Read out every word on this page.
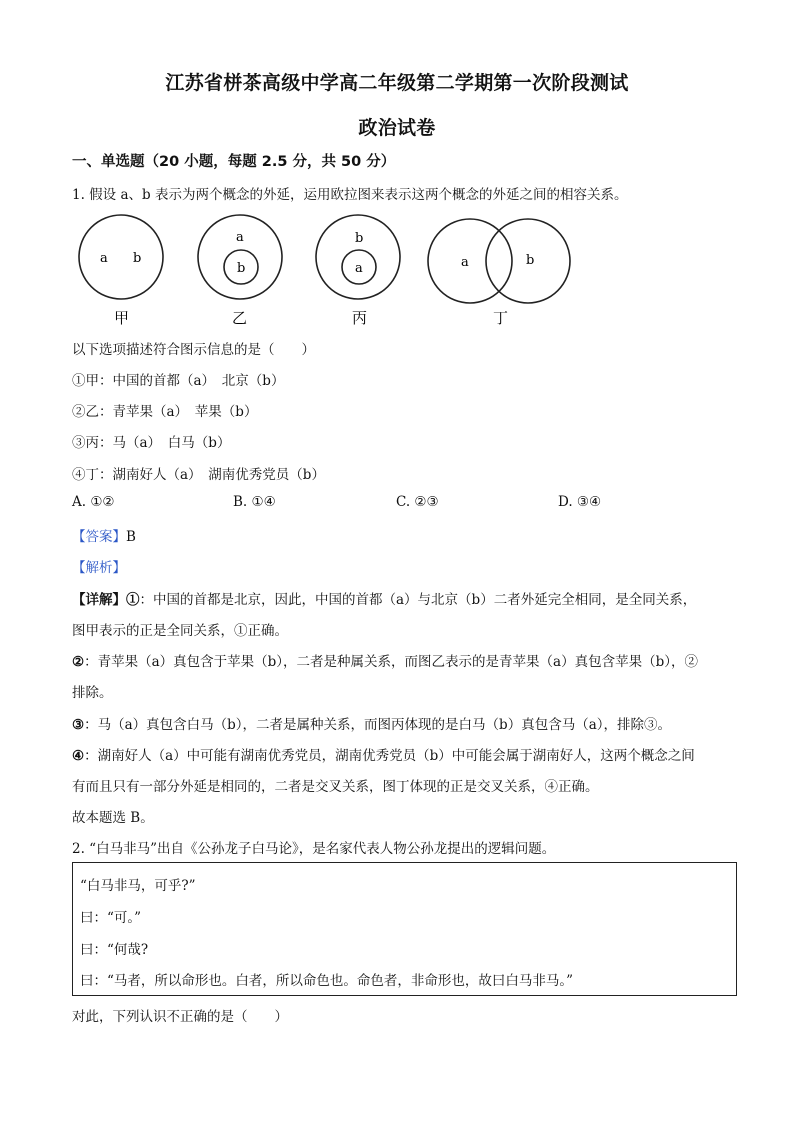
江苏省栟茶高级中学高二年级第二学期第一次阶段测试
政治试卷
一、单选题（20 小题，每题 2.5 分，共 50 分）
1. 假设 a、b 表示为两个概念的外延，运用欧拉图来表示这两个概念的外延之间的相容关系。
a b
甲
a
b
乙
b
a
丙
a	b
丁
以下选项描述符合图示信息的是（　　）
①甲：中国的首都（a）　北京（b）
②乙：青苹果（a）　苹果（b）
③丙：马（a）　白马（b）
④丁：湖南好人（a）　湖南优秀党员（b）
A. ①②	B. ①④	C. ②③	D. ③④
【答案】B
【解析】
【详解】①：中国的首都是北京，因此，中国的首都（a）与北京（b）二者外延完全相同，是全同关系，
图甲表示的正是全同关系，①正确。
②：青苹果（a）真包含于苹果（b），二者是种属关系，而图乙表示的是青苹果（a）真包含苹果（b），②
排除。
③：马（a）真包含白马（b），二者是属种关系，而图丙体现的是白马（b）真包含马（a），排除③。
④：湖南好人（a）中可能有湖南优秀党员，湖南优秀党员（b）中可能会属于湖南好人，这两个概念之间
有而且只有一部分外延是相同的，二者是交叉关系，图丁体现的正是交叉关系，④正确。
故本题选 B。
2. “白马非马”出自《公孙龙子白马论》，是名家代表人物公孙龙提出的逻辑问题。
“白马非马，可乎?”
曰：“可。”
曰：“何哉?
曰：“马者，所以命形也。白者，所以命色也。命色者，非命形也，故曰白马非马。”
对此，下列认识不正确的是（　　）
